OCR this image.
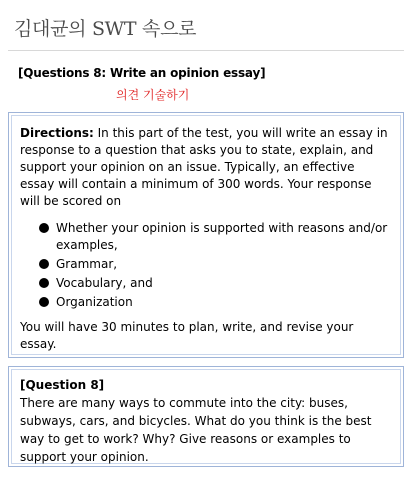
김대균의 SWT 속으로
[Questions 8: Write an opinion essay]
의견 기술하기
Directions: In this part of the test, you will write an essay in response to a question that asks you to state, explain, and support your opinion on an issue. Typically, an effective essay will contain a minimum of 300 words. Your response will be scored on
Whether your opinion is supported with reasons and/or examples,
Grammar,
Vocabulary, and
Organization
You will have 30 minutes to plan, write, and revise your essay.
[Question 8]
There are many ways to commute into the city: buses, subways, cars, and bicycles. What do you think is the best way to get to work? Why? Give reasons or examples to support your opinion.
